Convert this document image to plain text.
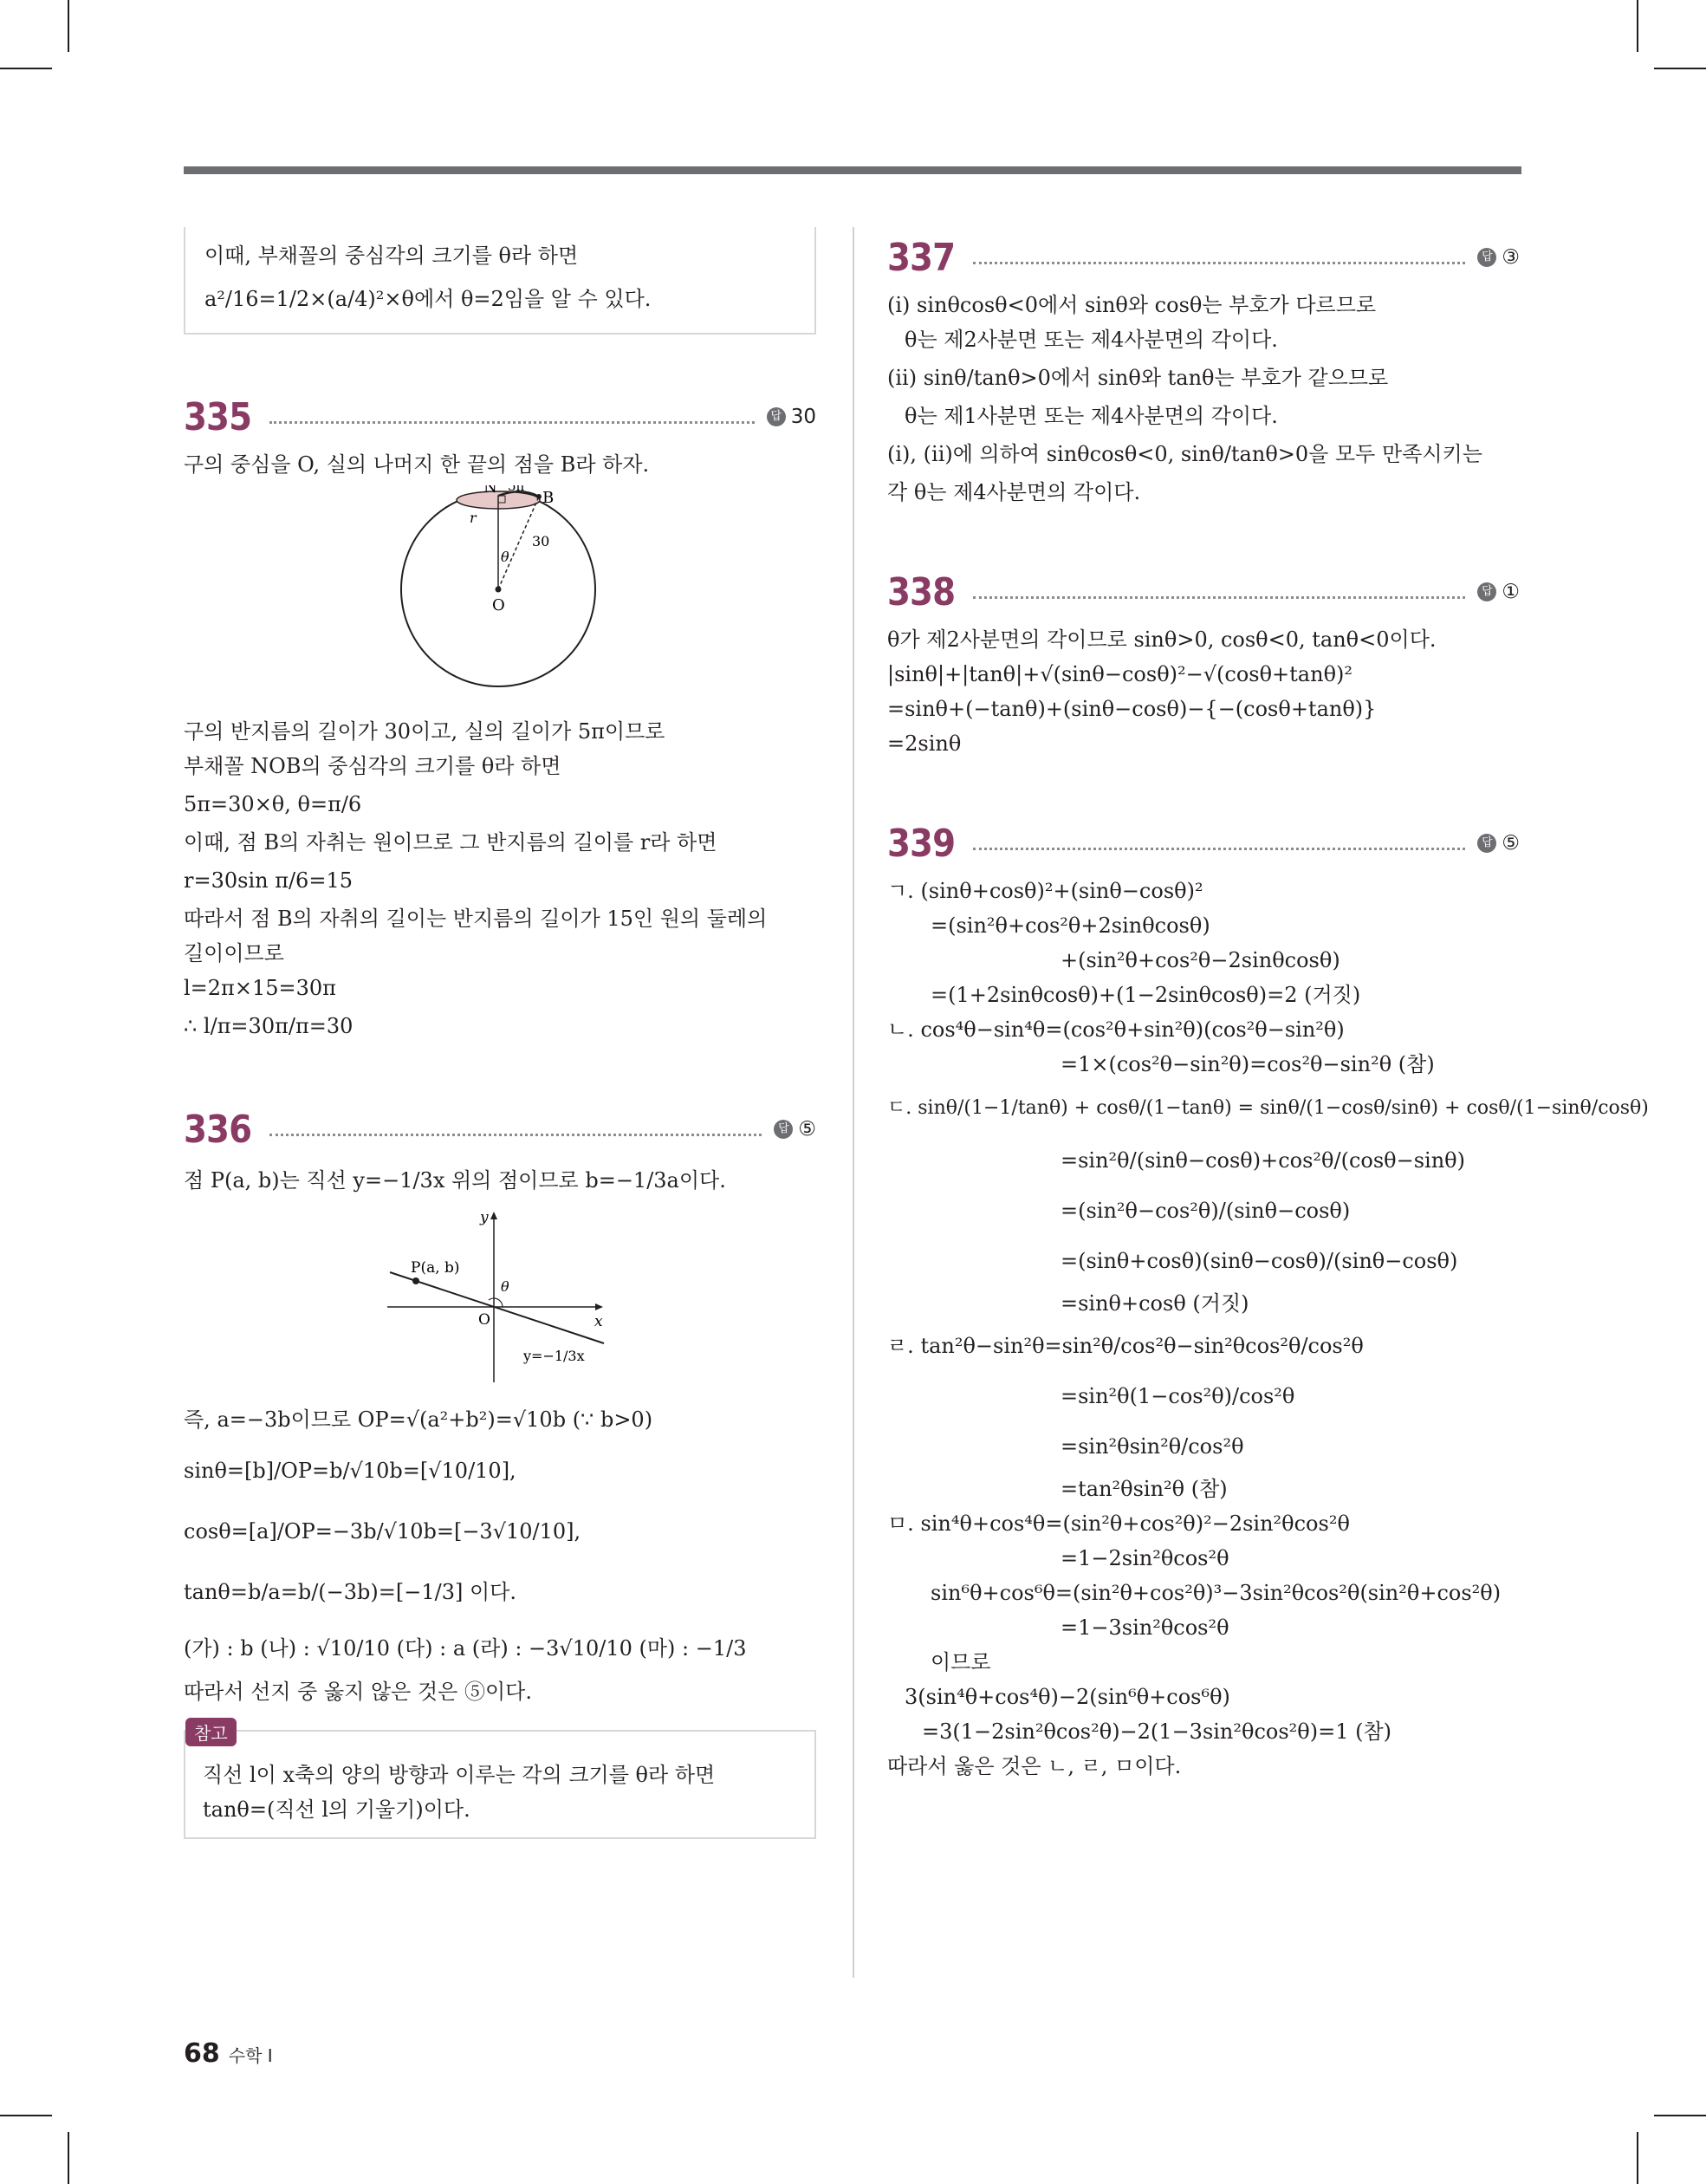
이때, 부채꼴의 중심각의 크기를 θ라 하면
a²/16=1/2×(a/4)²×θ에서 θ=2임을 알 수 있다.
335	답 30
구의 중심을 O, 실의 나머지 한 끝의 점을 B라 하자.
N
B
O
5π
r
θ
30
구의 반지름의 길이가 30이고, 실의 길이가 5π이므로
부채꼴 NOB의 중심각의 크기를 θ라 하면
5π=30×θ, θ=π/6
이때, 점 B의 자취는 원이므로 그 반지름의 길이를 r라 하면
r=30sin π/6=15
따라서 점 B의 자취의 길이는 반지름의 길이가 15인 원의 둘레의
길이이므로
l=2π×15=30π
∴ l/π=30π/π=30
336	답 ⑤
점 P(a, b)는 직선 y=−1/3x 위의 점이므로 b=−1/3a이다.
y
x
O
P(a, b)
θ
y=−1/3x
즉, a=−3b이므로 OP=√(a²+b²)=√10b (∵ b>0)
sinθ=[b]/OP=b/√10b=[√10/10],
cosθ=[a]/OP=−3b/√10b=[−3√10/10],
tanθ=b/a=b/(−3b)=[−1/3] 이다.
(가) : b (나) : √10/10 (다) : a (라) : −3√10/10 (마) : −1/3
따라서 선지 중 옳지 않은 것은 ⑤이다.
참고
직선 l이 x축의 양의 방향과 이루는 각의 크기를 θ라 하면
tanθ=(직선 l의 기울기)이다.
337	답 ③
(i) sinθcosθ<0에서 sinθ와 cosθ는 부호가 다르므로
θ는 제2사분면 또는 제4사분면의 각이다.
(ii) sinθ/tanθ>0에서 sinθ와 tanθ는 부호가 같으므로
θ는 제1사분면 또는 제4사분면의 각이다.
(i), (ii)에 의하여 sinθcosθ<0, sinθ/tanθ>0을 모두 만족시키는
각 θ는 제4사분면의 각이다.
338	답 ①
θ가 제2사분면의 각이므로 sinθ>0, cosθ<0, tanθ<0이다.
|sinθ|+|tanθ|+√(sinθ−cosθ)²−√(cosθ+tanθ)²
=sinθ+(−tanθ)+(sinθ−cosθ)−{−(cosθ+tanθ)}
=2sinθ
339	답 ⑤
ㄱ. (sinθ+cosθ)²+(sinθ−cosθ)²
=(sin²θ+cos²θ+2sinθcosθ)
+(sin²θ+cos²θ−2sinθcosθ)
=(1+2sinθcosθ)+(1−2sinθcosθ)=2 (거짓)
ㄴ. cos⁴θ−sin⁴θ=(cos²θ+sin²θ)(cos²θ−sin²θ)
=1×(cos²θ−sin²θ)=cos²θ−sin²θ (참)
ㄷ. sinθ/(1−1/tanθ) + cosθ/(1−tanθ) = sinθ/(1−cosθ/sinθ) + cosθ/(1−sinθ/cosθ)
=sin²θ/(sinθ−cosθ)+cos²θ/(cosθ−sinθ)
=(sin²θ−cos²θ)/(sinθ−cosθ)
=(sinθ+cosθ)(sinθ−cosθ)/(sinθ−cosθ)
=sinθ+cosθ (거짓)
ㄹ. tan²θ−sin²θ=sin²θ/cos²θ−sin²θcos²θ/cos²θ
=sin²θ(1−cos²θ)/cos²θ
=sin²θsin²θ/cos²θ
=tan²θsin²θ (참)
ㅁ. sin⁴θ+cos⁴θ=(sin²θ+cos²θ)²−2sin²θcos²θ
=1−2sin²θcos²θ
sin⁶θ+cos⁶θ=(sin²θ+cos²θ)³−3sin²θcos²θ(sin²θ+cos²θ)
=1−3sin²θcos²θ
이므로
3(sin⁴θ+cos⁴θ)−2(sin⁶θ+cos⁶θ)
=3(1−2sin²θcos²θ)−2(1−3sin²θcos²θ)=1 (참)
따라서 옳은 것은 ㄴ, ㄹ, ㅁ이다.
68 수학 I
